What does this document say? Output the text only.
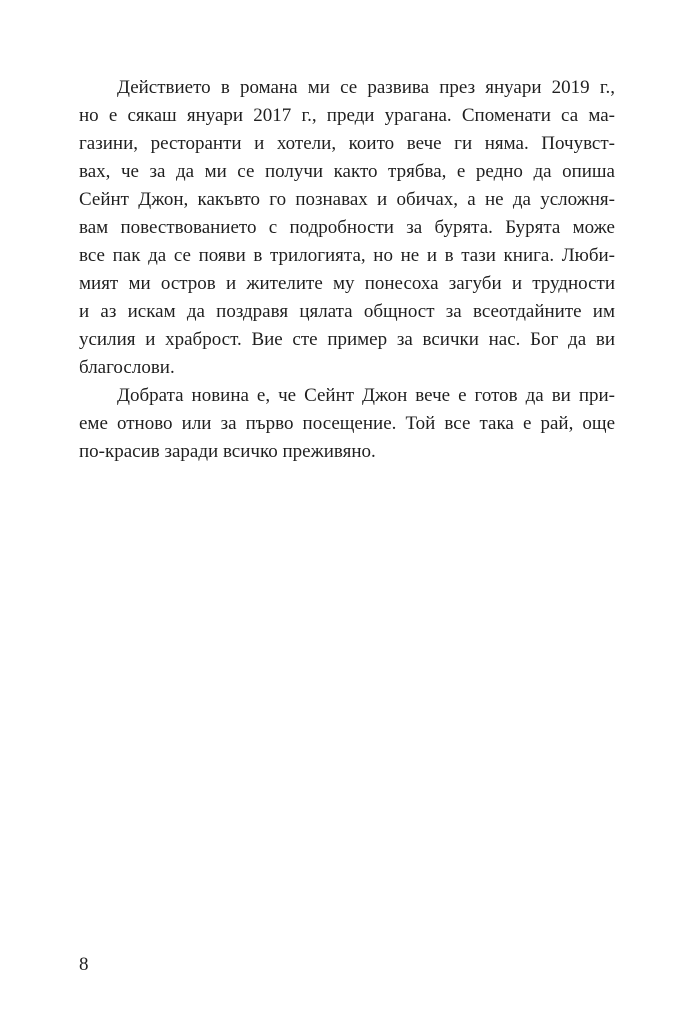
Действието в романа ми се развива през януари 2019 г.,
но е сякаш януари 2017 г., преди урагана. Споменати са ма-
газини, ресторанти и хотели, които вече ги няма. Почувст-
вах, че за да ми се получи както трябва, е редно да опиша
Сейнт Джон, какъвто го познавах и обичах, а не да усложня-
вам повествованието с подробности за бурята. Бурята може
все пак да се появи в трилогията, но не и в тази книга. Люби-
мият ми остров и жителите му понесоха загуби и трудности
и аз искам да поздравя цялата общност за всеотдайните им
усилия и храброст. Вие сте пример за всички нас. Бог да ви
благослови.
Добрата новина е, че Сейнт Джон вече е готов да ви при-
еме отново или за първо посещение. Той все така е рай, още
по-красив заради всичко преживяно.
8
